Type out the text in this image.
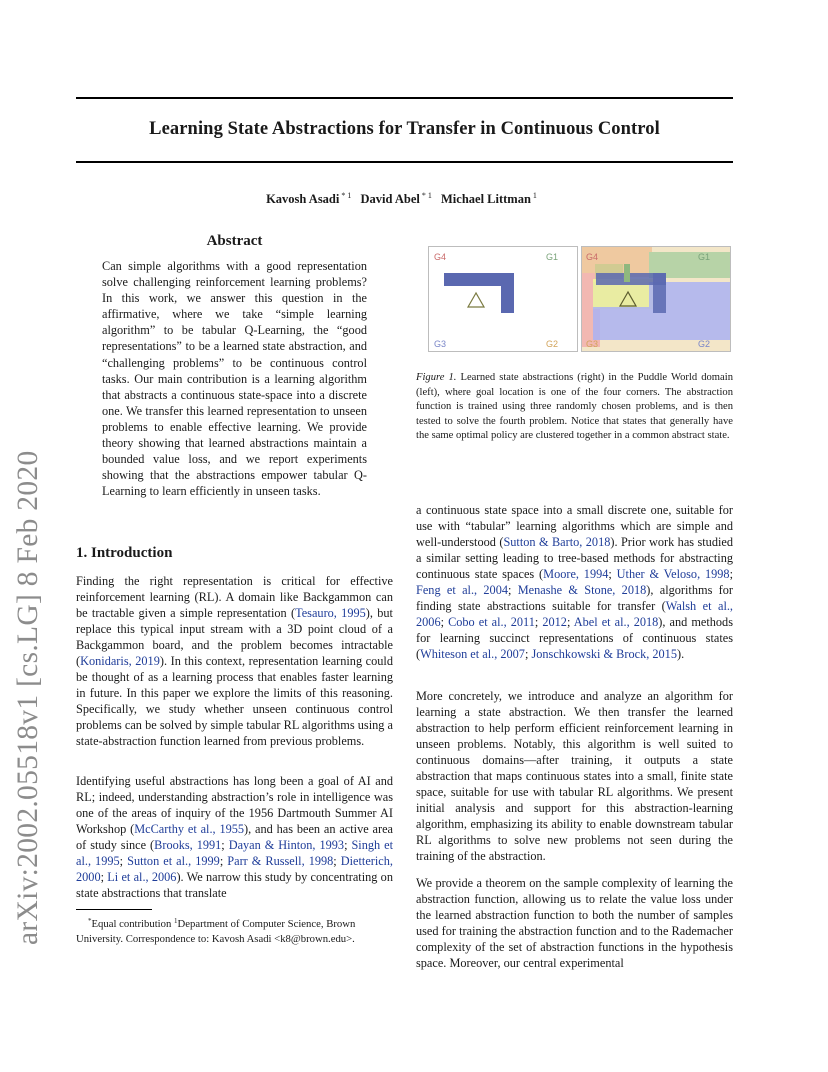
Learning State Abstractions for Transfer in Continuous Control
Kavosh Asadi $^{* 1}$ David Abel $^{* 1}$ Michael Littman $^1$
arXiv:2002.05518v1 [cs.LG] 8 Feb 2020
Abstract
Can simple algorithms with a good representation solve challenging reinforcement learning problems? In this work, we answer this question in the affirmative, where we take “simple learning algorithm” to be tabular Q-Learning, the “good representations” to be a learned state abstraction, and “challenging problems” to be continuous control tasks. Our main contribution is a learning algorithm that abstracts a continuous state-space into a discrete one. We transfer this learned representation to unseen problems to enable effective learning. We provide theory showing that learned abstractions maintain a bounded value loss, and we report experiments showing that the abstractions empower tabular Q-Learning to learn efficiently in unseen tasks.
1. Introduction

Finding the right representation is critical for effective reinforcement learning (RL). A domain like Backgammon can be tractable given a simple representation (Tesauro, 1995), but replace this typical input stream with a 3D point cloud of a Backgammon board, and the problem becomes intractable (Konidaris, 2019). In this context, representation learning could be thought of as a learning process that enables faster learning in future. In this paper we explore the limits of this reasoning. Specifically, we study whether unseen continuous control problems can be solved by simple tabular RL algorithms using a state-abstraction function learned from previous problems.

Identifying useful abstractions has long been a goal of AI and RL; indeed, understanding abstraction’s role in intelligence was one of the areas of inquiry of the 1956 Dartmouth Summer AI Workshop (McCarthy et al., 1955), and has been an active area of study since (Brooks, 1991; Dayan & Hinton, 1993; Singh et al., 1995; Sutton et al., 1999; Parr & Russell, 1998; Dietterich, 2000; Li et al., 2006). We narrow this study by concentrating on state abstractions that translate

*Equal contribution $^1$Department of Computer Science, Brown University. Correspondence to: Kavosh Asadi <k8@brown.edu>.
G4	G1
G3	G2
G4	G1
G3	G2
Figure 1. Learned state abstractions (right) in the Puddle World domain (left), where goal location is one of the four corners. The abstraction function is trained using three randomly chosen problems, and is then tested to solve the fourth problem. Notice that states that generally have the same optimal policy are clustered together in a common abstract state.

a continuous state space into a small discrete one, suitable for use with “tabular” learning algorithms which are simple and well-understood (Sutton & Barto, 2018). Prior work has studied a similar setting leading to tree-based methods for abstracting continuous state spaces (Moore, 1994; Uther & Veloso, 1998; Feng et al., 2004; Menashe & Stone, 2018), algorithms for finding state abstractions suitable for transfer (Walsh et al., 2006; Cobo et al., 2011; 2012; Abel et al., 2018), and methods for learning succinct representations of continuous states (Whiteson et al., 2007; Jonschkowski & Brock, 2015).

More concretely, we introduce and analyze an algorithm for learning a state abstraction. We then transfer the learned abstraction to help perform efficient reinforcement learning in unseen problems. Notably, this algorithm is well suited to continuous domains—after training, it outputs a state abstraction that maps continuous states into a small, finite state space, suitable for use with tabular RL algorithms. We present initial analysis and support for this abstraction-learning algorithm, emphasizing its ability to enable downstream tabular RL algorithms to solve new problems not seen during the training of the abstraction.

We provide a theorem on the sample complexity of learning the abstraction function, allowing us to relate the value loss under the learned abstraction function to both the number of samples used for training the abstraction function and to the Rademacher complexity of the set of abstraction functions in the hypothesis space. Moreover, our central experimental
